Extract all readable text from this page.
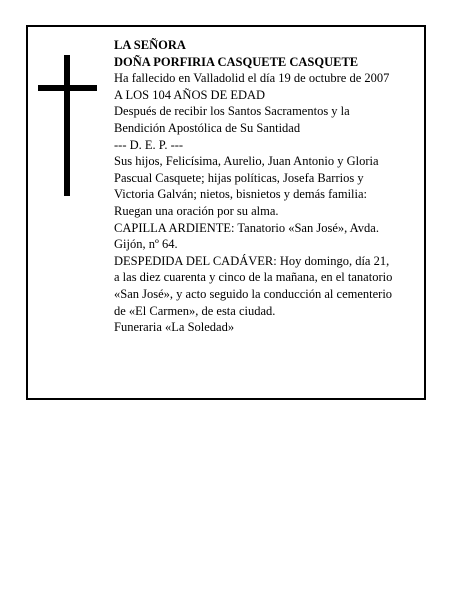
LA SEÑORA
DOÑA PORFIRIA CASQUETE CASQUETE
Ha fallecido en Valladolid el día 19 de octubre de 2007
A LOS 104 AÑOS DE EDAD
Después de recibir los Santos Sacramentos y la
Bendición Apostólica de Su Santidad
--- D. E. P. ---
Sus hijos, Felicísima, Aurelio, Juan Antonio y Gloria
Pascual Casquete; hijas políticas, Josefa Barrios y
Victoria Galván; nietos, bisnietos y demás familia:
Ruegan una oración por su alma.
CAPILLA ARDIENTE: Tanatorio «San José», Avda.
Gijón, nº 64.
DESPEDIDA DEL CADÁVER: Hoy domingo, día 21,
a las diez cuarenta y cinco de la mañana, en el tanatorio
«San José», y acto seguido la conducción al cementerio
de «El Carmen», de esta ciudad.
Funeraria «La Soledad»
